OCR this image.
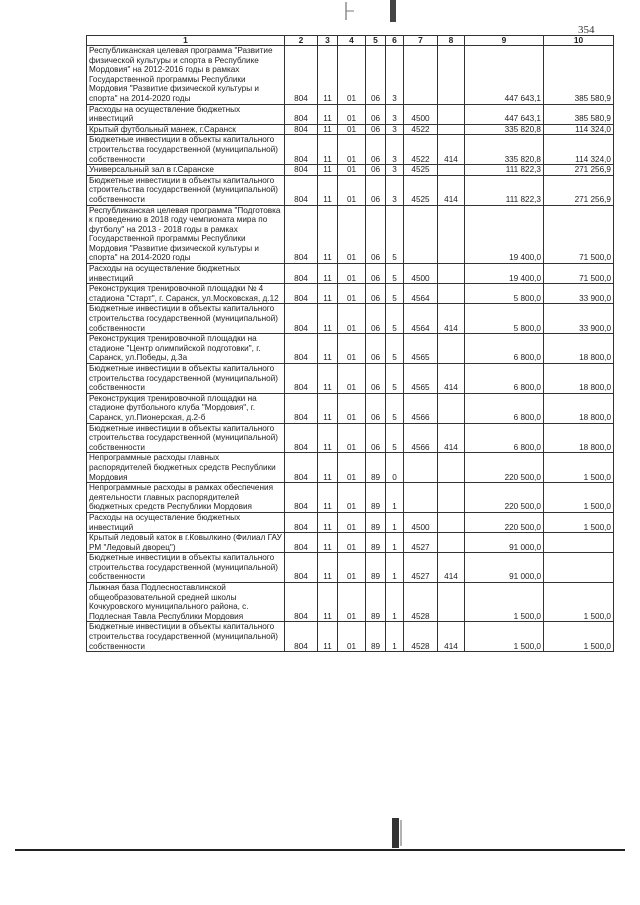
354
1	2	3	4	5	6	7	8	9	10
Республиканская целевая программа "Развитие физической культуры и спорта в Республике Мордовия" на 2012-2016 годы в рамках Государственной программы Республики Мордовия "Развитие физической культуры и спорта" на 2014-2020 годы	804	11	01	06	3			447 643,1	385 580,9
Расходы на осуществление бюджетных инвестиций	804	11	01	06	3	4500		447 643,1	385 580,9
Крытый футбольный манеж, г.Саранск	804	11	01	06	3	4522		335 820,8	114 324,0
Бюджетные инвестиции в объекты капитального строительства государственной (муниципальной) собственности	804	11	01	06	3	4522	414	335 820,8	114 324,0
Универсальный зал в г.Саранске	804	11	01	06	3	4525		111 822,3	271 256,9
Бюджетные инвестиции в объекты капитального строительства государственной (муниципальной) собственности	804	11	01	06	3	4525	414	111 822,3	271 256,9
Республиканская целевая программа "Подготовка к проведению в 2018 году чемпионата мира по футболу" на 2013 - 2018 годы в рамках Государственной программы Республики Мордовия "Развитие физической культуры и спорта" на 2014-2020 годы	804	11	01	06	5			19 400,0	71 500,0
Расходы на осуществление бюджетных инвестиций	804	11	01	06	5	4500		19 400,0	71 500,0
Реконструкция тренировочной площадки № 4 стадиона "Старт", г. Саранск, ул.Московская, д.12	804	11	01	06	5	4564		5 800,0	33 900,0
Бюджетные инвестиции в объекты капитального строительства государственной (муниципальной) собственности	804	11	01	06	5	4564	414	5 800,0	33 900,0
Реконструкция тренировочной площадки на стадионе "Центр олимпийской подготовки", г. Саранск, ул.Победы, д.3а	804	11	01	06	5	4565		6 800,0	18 800,0
Бюджетные инвестиции в объекты капитального строительства государственной (муниципальной) собственности	804	11	01	06	5	4565	414	6 800,0	18 800,0
Реконструкция тренировочной площадки на стадионе футбольного клуба "Мордовия", г. Саранск, ул.Пионерская, д.2-б	804	11	01	06	5	4566		6 800,0	18 800,0
Бюджетные инвестиции в объекты капитального строительства государственной (муниципальной) собственности	804	11	01	06	5	4566	414	6 800,0	18 800,0
Непрограммные расходы главных распорядителей бюджетных средств Республики Мордовия	804	11	01	89	0			220 500,0	1 500,0
Непрограммные расходы в рамках обеспечения деятельности главных распорядителей бюджетных средств Республики Мордовия	804	11	01	89	1			220 500,0	1 500,0
Расходы на осуществление бюджетных инвестиций	804	11	01	89	1	4500		220 500,0	1 500,0
Крытый ледовый каток в г.Ковылкино (Филиал ГАУ РМ "Ледовый дворец")	804	11	01	89	1	4527		91 000,0	
Бюджетные инвестиции в объекты капитального строительства государственной (муниципальной) собственности	804	11	01	89	1	4527	414	91 000,0	
Лыжная база Подлесноставлинской общеобразовательной средней школы Кочкуровского муниципального района, с. Подлесная Тавла Республики Мордовия	804	11	01	89	1	4528		1 500,0	1 500,0
Бюджетные инвестиции в объекты капитального строительства государственной (муниципальной) собственности	804	11	01	89	1	4528	414	1 500,0	1 500,0
